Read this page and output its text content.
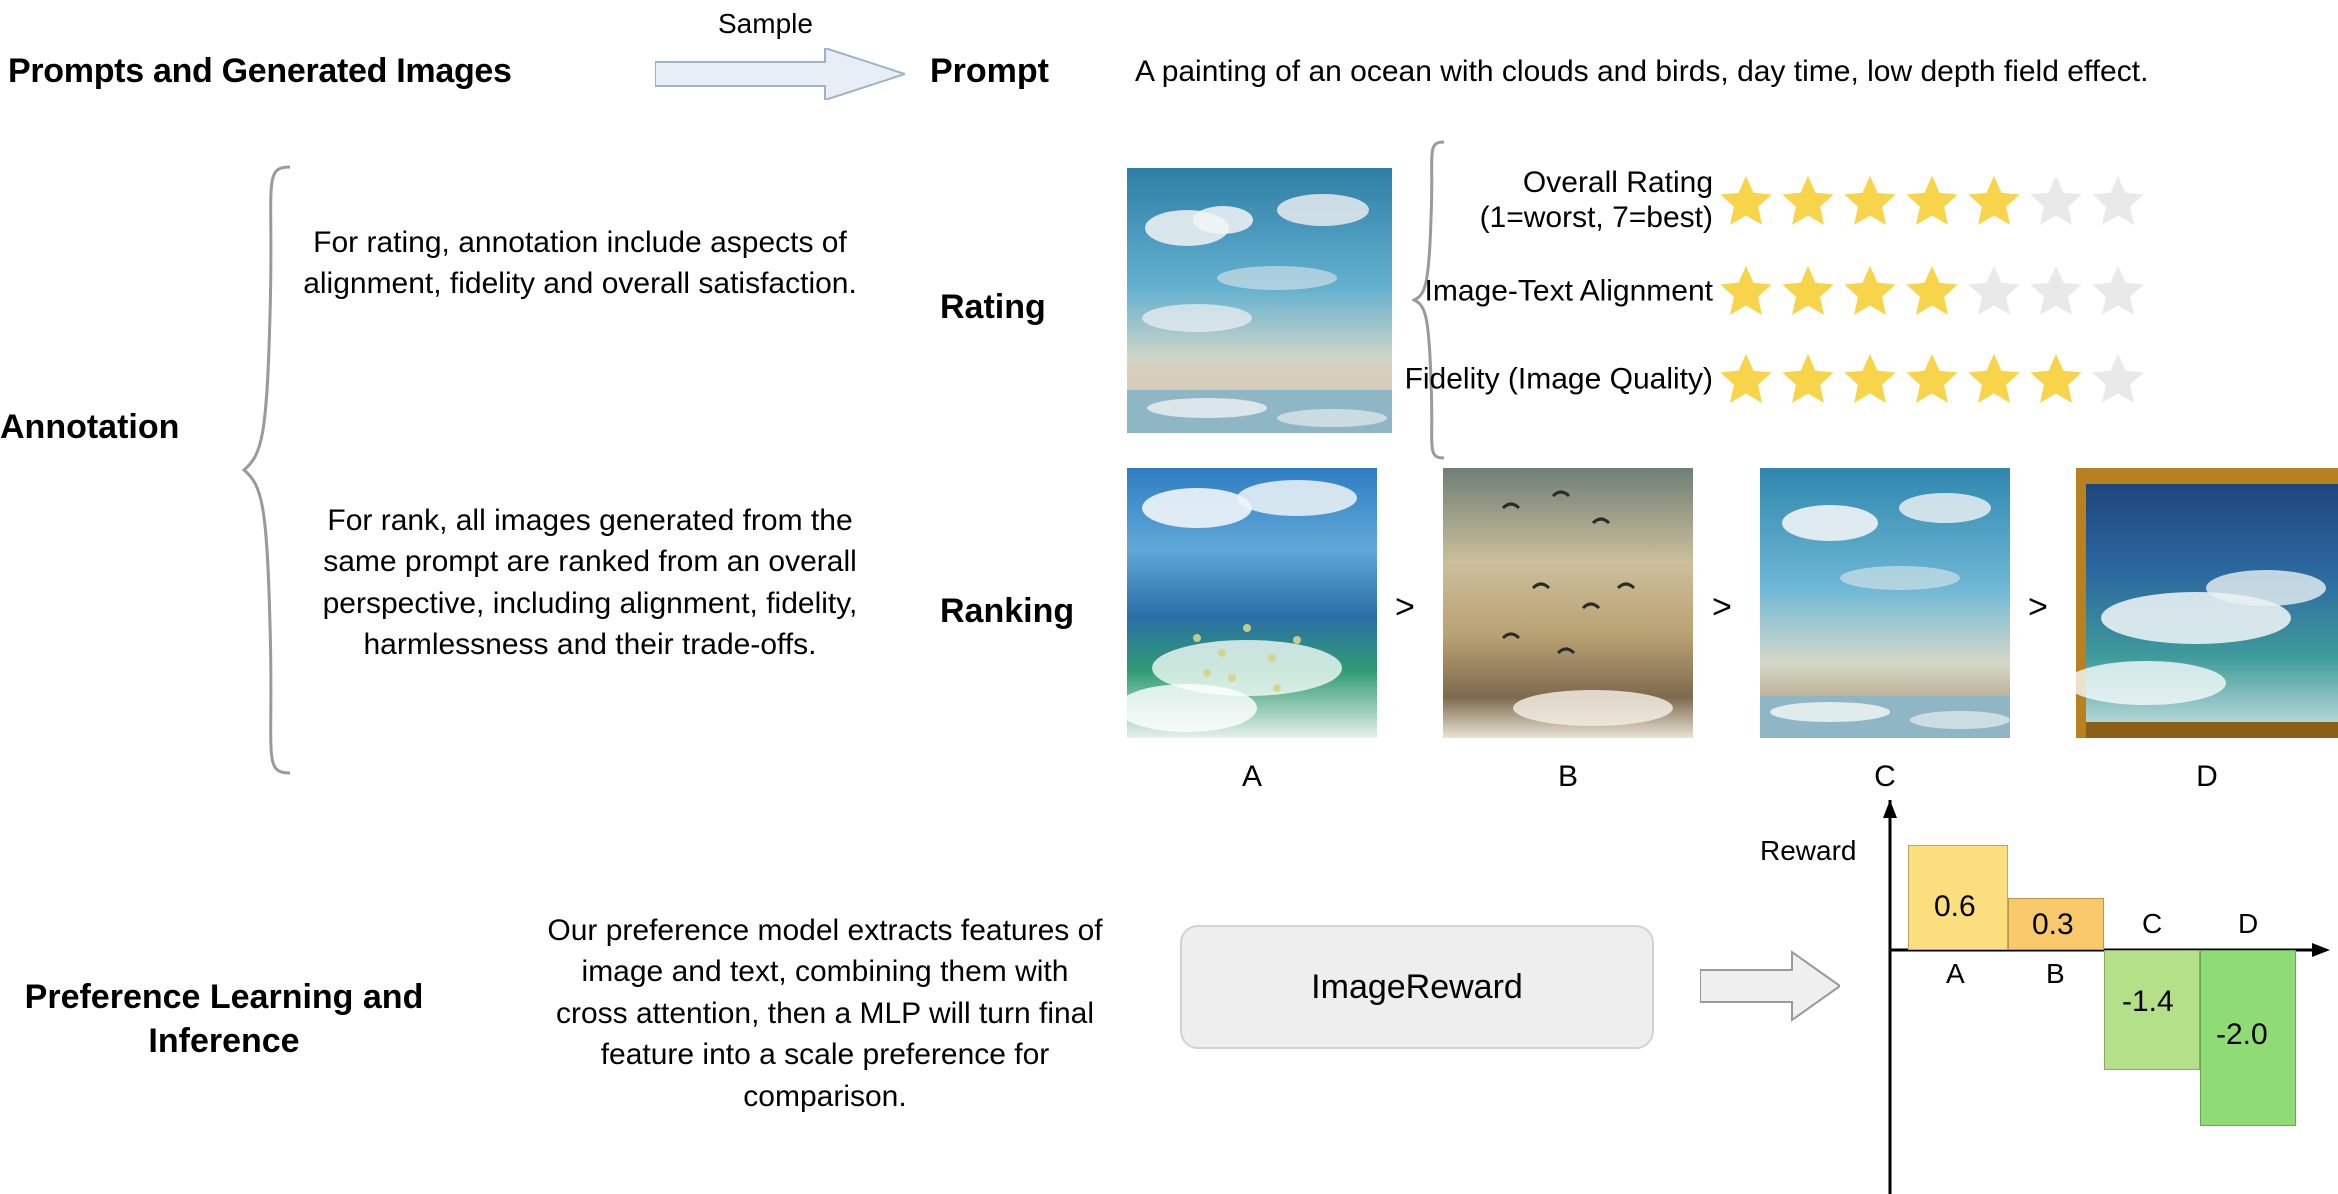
Prompts and Generated Images
Sample
Prompt	A painting of an ocean with clouds and birds, day time, low depth field effect.
Annotation
For rating, annotation include aspects of alignment, fidelity and overall satisfaction.
Rating
Overall Rating
(1=worst, 7=best)
Image-Text Alignment
Fidelity (Image Quality)
For rank, all images generated from the same prompt are ranked from an overall perspective, including alignment, fidelity, harmlessness and their trade-offs.
Ranking
A
>
B
>
C
>
D
Preference Learning and Inference
Our preference model extracts features of image and text, combining them with cross attention, then a MLP will turn final feature into a scale preference for comparison.
ImageReward
Reward
0.6
A
0.3
B
-1.4
C
-2.0
D
